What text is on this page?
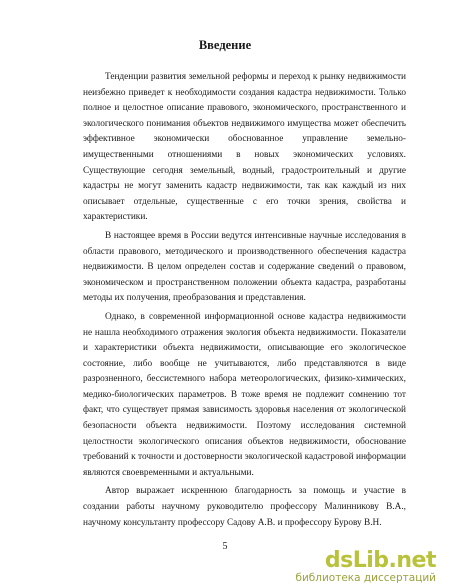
Введение

Тенденции развития земельной реформы и переход к рынку недвижимости неизбежно приведет к необходимости создания кадастра недвижимости. Только полное и целостное описание правового, экономического, пространственного и экологического понимания объектов недвижимого имущества может обеспечить эффективное экономически обоснованное управление земельно-имущественными отношениями в новых экономических условиях. Существующие сегодня земельный, водный, градостроительный и другие кадастры не могут заменить кадастр недвижимости, так как каждый из них описывает отдельные, существенные с его точки зрения, свойства и характеристики.

В настоящее время в России ведутся интенсивные научные исследования в области правового, методического и производственного обеспечения кадастра недвижимости. В целом определен состав и содержание сведений о правовом, экономическом и пространственном положении объекта кадастра, разработаны методы их получения, преобразования и представления.

Однако, в современной информационной основе кадастра недвижимости не нашла необходимого отражения экология объекта недвижимости. Показатели и характеристики объекта недвижимости, описывающие его экологическое состояние, либо вообще не учитываются, либо представляются в виде разрозненного, бессистемного набора метеорологических, физико-химических, медико-биологических параметров. В тоже время не подлежит сомнению тот факт, что существует прямая зависимость здоровья населения от экологической безопасности объекта недвижимости. Поэтому исследования системной целостности экологического описания объектов недвижимости, обоснование требований к точности и достоверности экологической кадастровой информации являются своевременными и актуальными.

Автор выражает искреннюю благодарность за помощь и участие в создании работы научному руководителю профессору Малинникову В.А., научному консультанту профессору Садову А.В. и профессору Бурову В.Н.

5
dsLib.net
библиотека диссертаций
